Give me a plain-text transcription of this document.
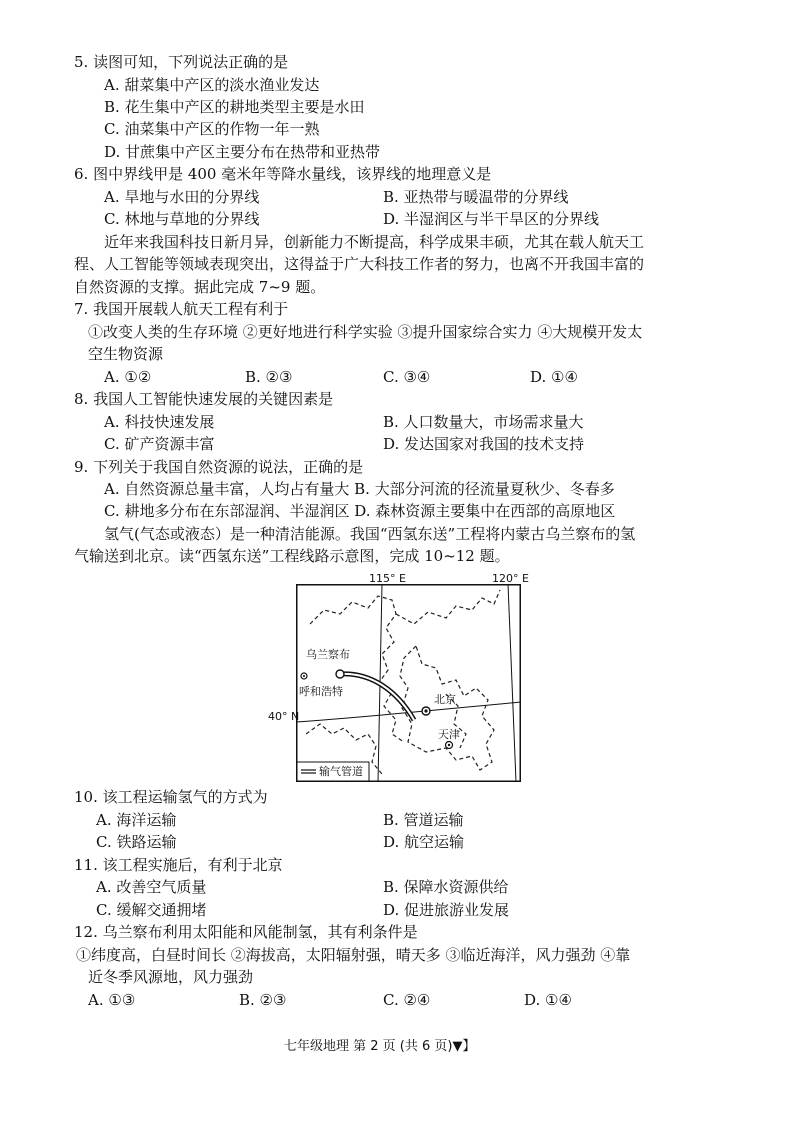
5. 读图可知，下列说法正确的是
A. 甜菜集中产区的淡水渔业发达
B. 花生集中产区的耕地类型主要是水田
C. 油菜集中产区的作物一年一熟
D. 甘蔗集中产区主要分布在热带和亚热带
6. 图中界线甲是 400 毫米年等降水量线，该界线的地理意义是
A. 旱地与水田的分界线	B. 亚热带与暖温带的分界线
C. 林地与草地的分界线	D. 半湿润区与半干旱区的分界线
近年来我国科技日新月异，创新能力不断提高，科学成果丰硕，尤其在载人航天工
程、人工智能等领域表现突出，这得益于广大科技工作者的努力，也离不开我国丰富的
自然资源的支撑。据此完成 7~9 题。
7. 我国开展载人航天工程有利于
①改变人类的生存环境 ②更好地进行科学实验 ③提升国家综合实力 ④大规模开发太
空生物资源
A. ①②	B. ②③	C. ③④	D. ①④
8. 我国人工智能快速发展的关键因素是
A. 科技快速发展	B. 人口数量大，市场需求量大
C. 矿产资源丰富	D. 发达国家对我国的技术支持
9. 下列关于我国自然资源的说法，正确的是
A. 自然资源总量丰富，人均占有量大 B. 大部分河流的径流量夏秋少、冬春多
C. 耕地多分布在东部湿润、半湿润区 D. 森林资源主要集中在西部的高原地区
氢气(气态或液态）是一种清洁能源。我国“西氢东送”工程将内蒙古乌兰察布的氢
气输送到北京。读“西氢东送”工程线路示意图，完成 10~12 题。
115° E	120° E
40° N
乌兰察布
呼和浩特
北京
天津
输气管道
10. 该工程运输氢气的方式为
A. 海洋运输	B. 管道运输
C. 铁路运输	D. 航空运输
11. 该工程实施后，有利于北京
A. 改善空气质量	B. 保障水资源供给
C. 缓解交通拥堵	D. 促进旅游业发展
12. 乌兰察布利用太阳能和风能制氢，其有利条件是
①纬度高，白昼时间长 ②海拔高，太阳辐射强，晴天多 ③临近海洋，风力强劲 ④靠
近冬季风源地，风力强劲
A. ①③	B. ②③	C. ②④	D. ①④
七年级地理 第 2 页 (共 6 页)▼】
